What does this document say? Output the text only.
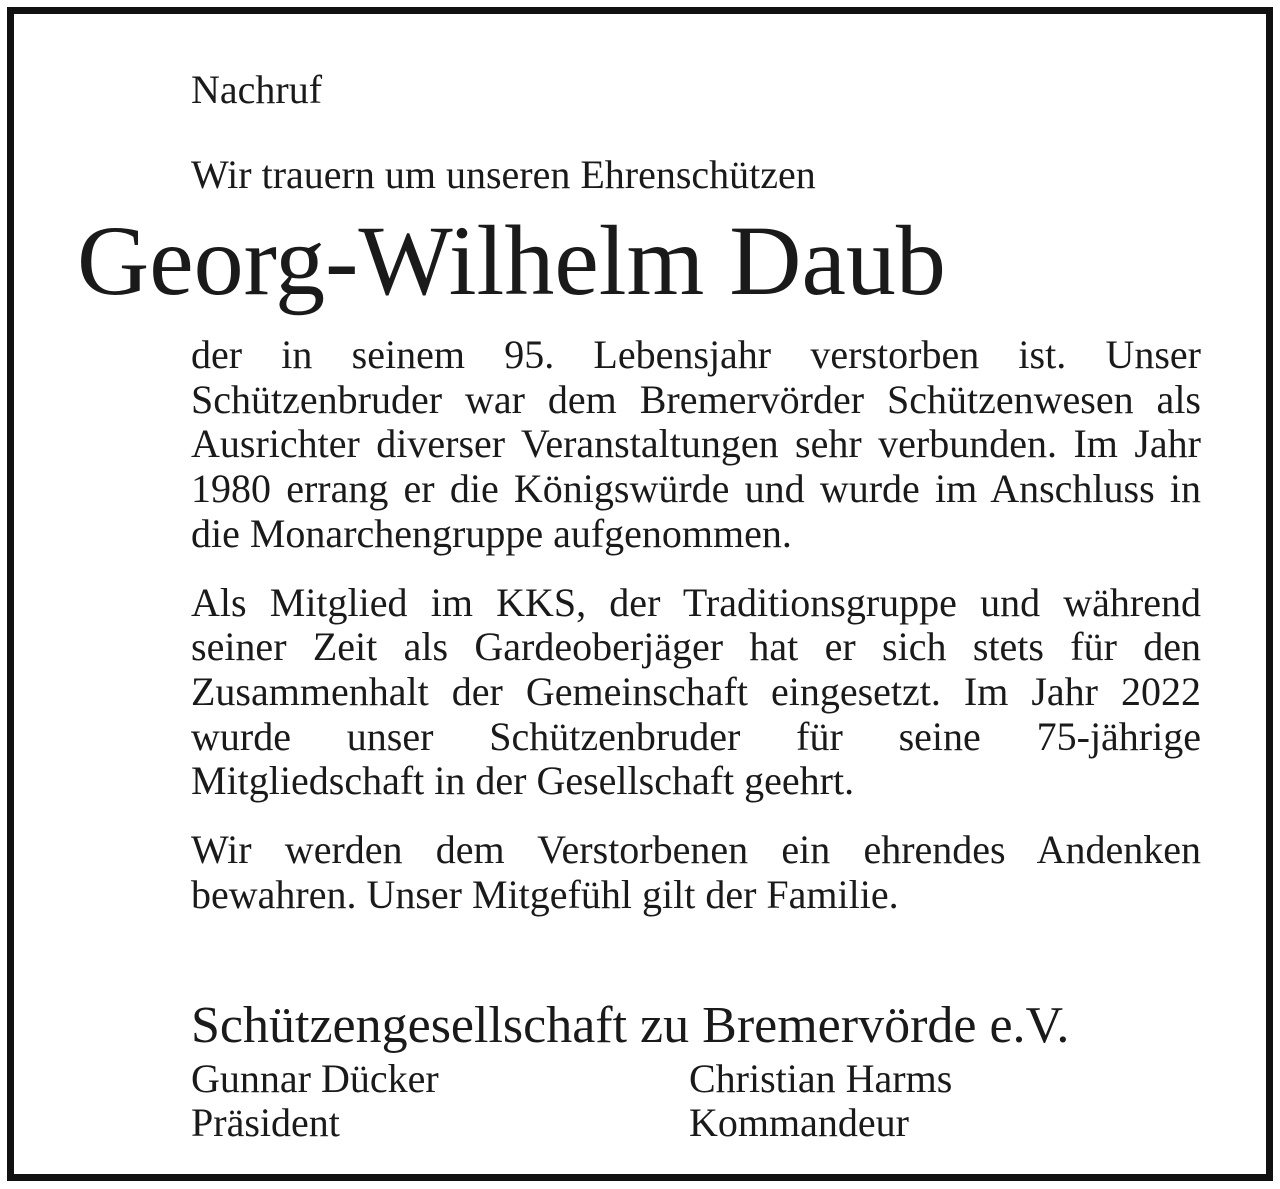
Nachruf

Wir trauern um unseren Ehrenschützen

Georg-Wilhelm Daub

der in seinem 95. Lebensjahr verstorben ist. Unser Schützenbruder war dem Bremervörder Schützenwesen als Ausrichter diverser Veranstaltungen sehr verbunden. Im Jahr 1980 errang er die Königswürde und wurde im Anschluss in die Monarchengruppe aufgenommen.

Als Mitglied im KKS, der Traditionsgruppe und während seiner Zeit als Gardeoberjäger hat er sich stets für den Zusammenhalt der Gemeinschaft eingesetzt. Im Jahr 2022 wurde unser Schützenbruder für seine 75-jährige Mitgliedschaft in der Gesellschaft geehrt.

Wir werden dem Verstorbenen ein ehrendes Andenken bewahren. Unser Mitgefühl gilt der Familie.

Schützengesellschaft zu Bremervörde e.V.

Gunnar Dücker
Präsident
Christian Harms
Kommandeur
